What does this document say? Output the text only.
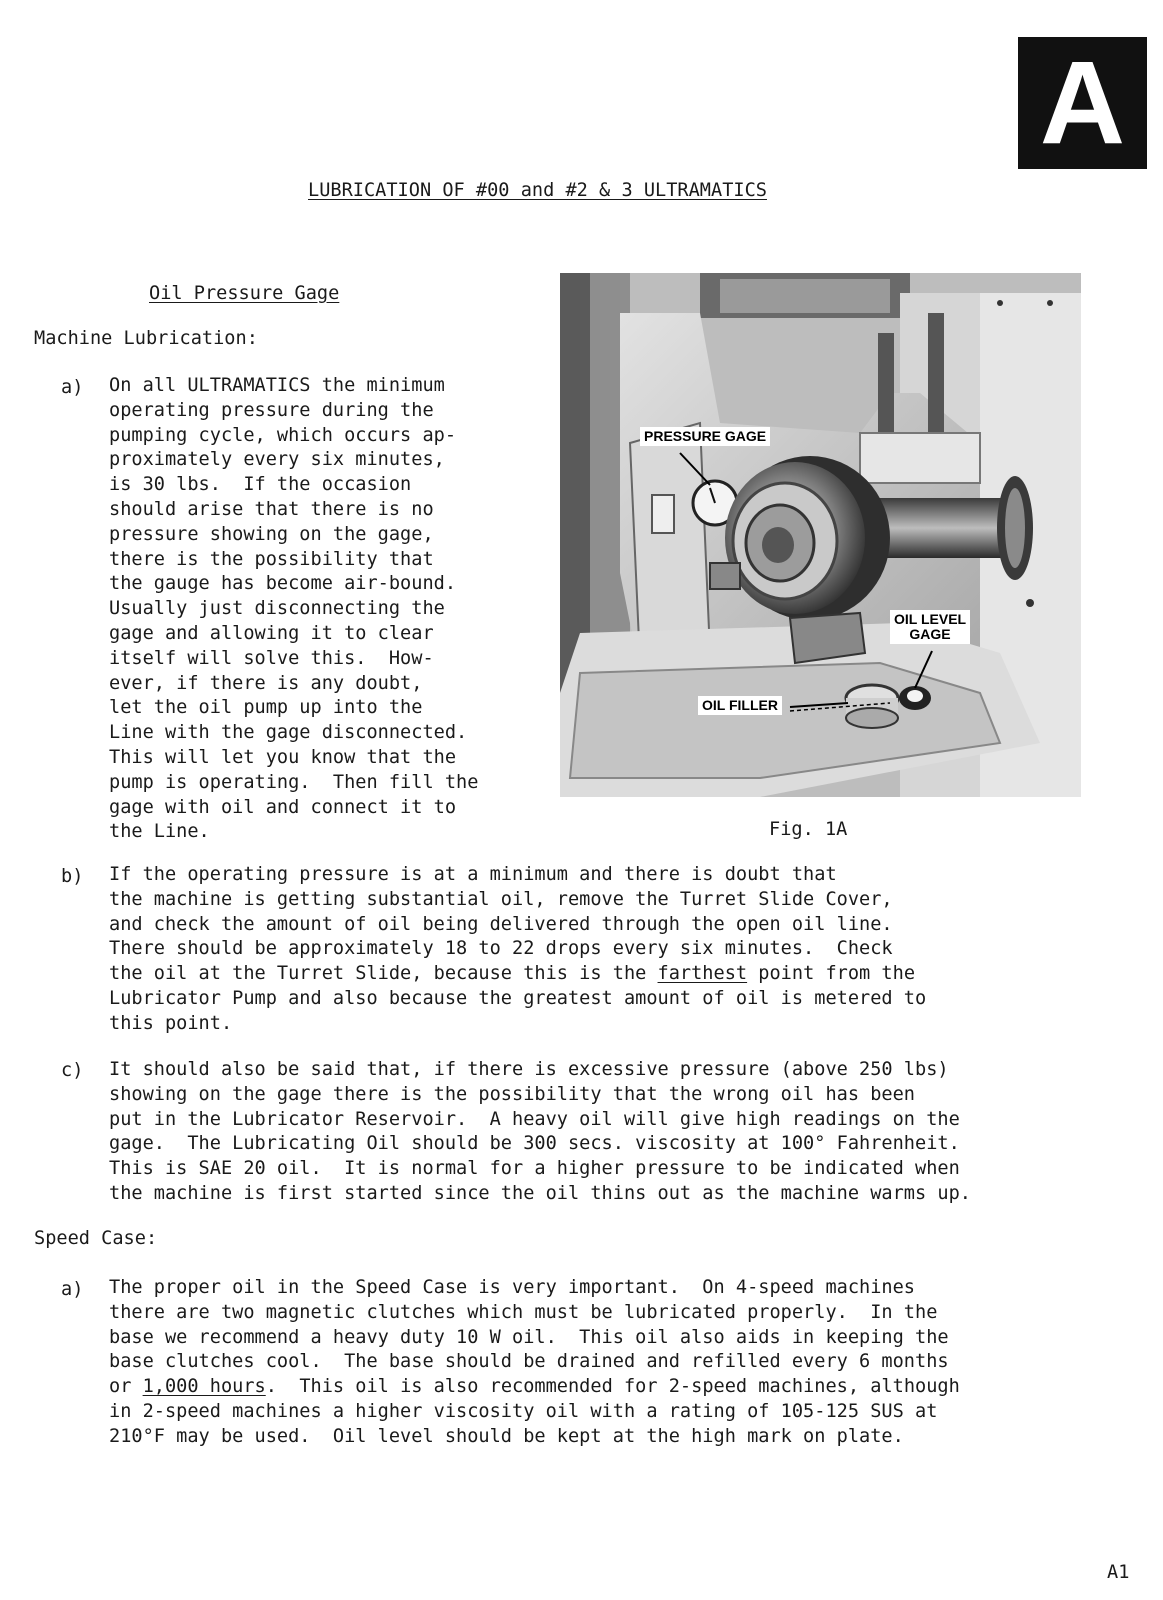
A
LUBRICATION OF #00 and #2 & 3 ULTRAMATICS
Oil Pressure Gage
Machine Lubrication:
a) On all ULTRAMATICS the minimum
operating pressure during the
pumping cycle, which occurs ap-
proximately every six minutes,
is 30 lbs.  If the occasion
should arise that there is no
pressure showing on the gage,
there is the possibility that
the gauge has become air-bound.
Usually just disconnecting the
gage and allowing it to clear
itself will solve this.  How-
ever, if there is any doubt,
let the oil pump up into the
Line with the gage disconnected.
This will let you know that the
pump is operating.  Then fill the
gage with oil and connect it to
the Line.
PRESSURE GAGE
OIL LEVEL
GAGE
OIL FILLER
Fig. 1A
b) If the operating pressure is at a minimum and there is doubt that
the machine is getting substantial oil, remove the Turret Slide Cover,
and check the amount of oil being delivered through the open oil line.
There should be approximately 18 to 22 drops every six minutes.  Check
the oil at the Turret Slide, because this is the farthest point from the
Lubricator Pump and also because the greatest amount of oil is metered to
this point.
c) It should also be said that, if there is excessive pressure (above 250 lbs)
showing on the gage there is the possibility that the wrong oil has been
put in the Lubricator Reservoir.  A heavy oil will give high readings on the
gage.  The Lubricating Oil should be 300 secs. viscosity at 100° Fahrenheit.
This is SAE 20 oil.  It is normal for a higher pressure to be indicated when
the machine is first started since the oil thins out as the machine warms up.
Speed Case:
a) The proper oil in the Speed Case is very important.  On 4-speed machines
there are two magnetic clutches which must be lubricated properly.  In the
base we recommend a heavy duty 10 W oil.  This oil also aids in keeping the
base clutches cool.  The base should be drained and refilled every 6 months
or 1,000 hours.  This oil is also recommended for 2-speed machines, although
in 2-speed machines a higher viscosity oil with a rating of 105-125 SUS at
210°F may be used.  Oil level should be kept at the high mark on plate.
A1
